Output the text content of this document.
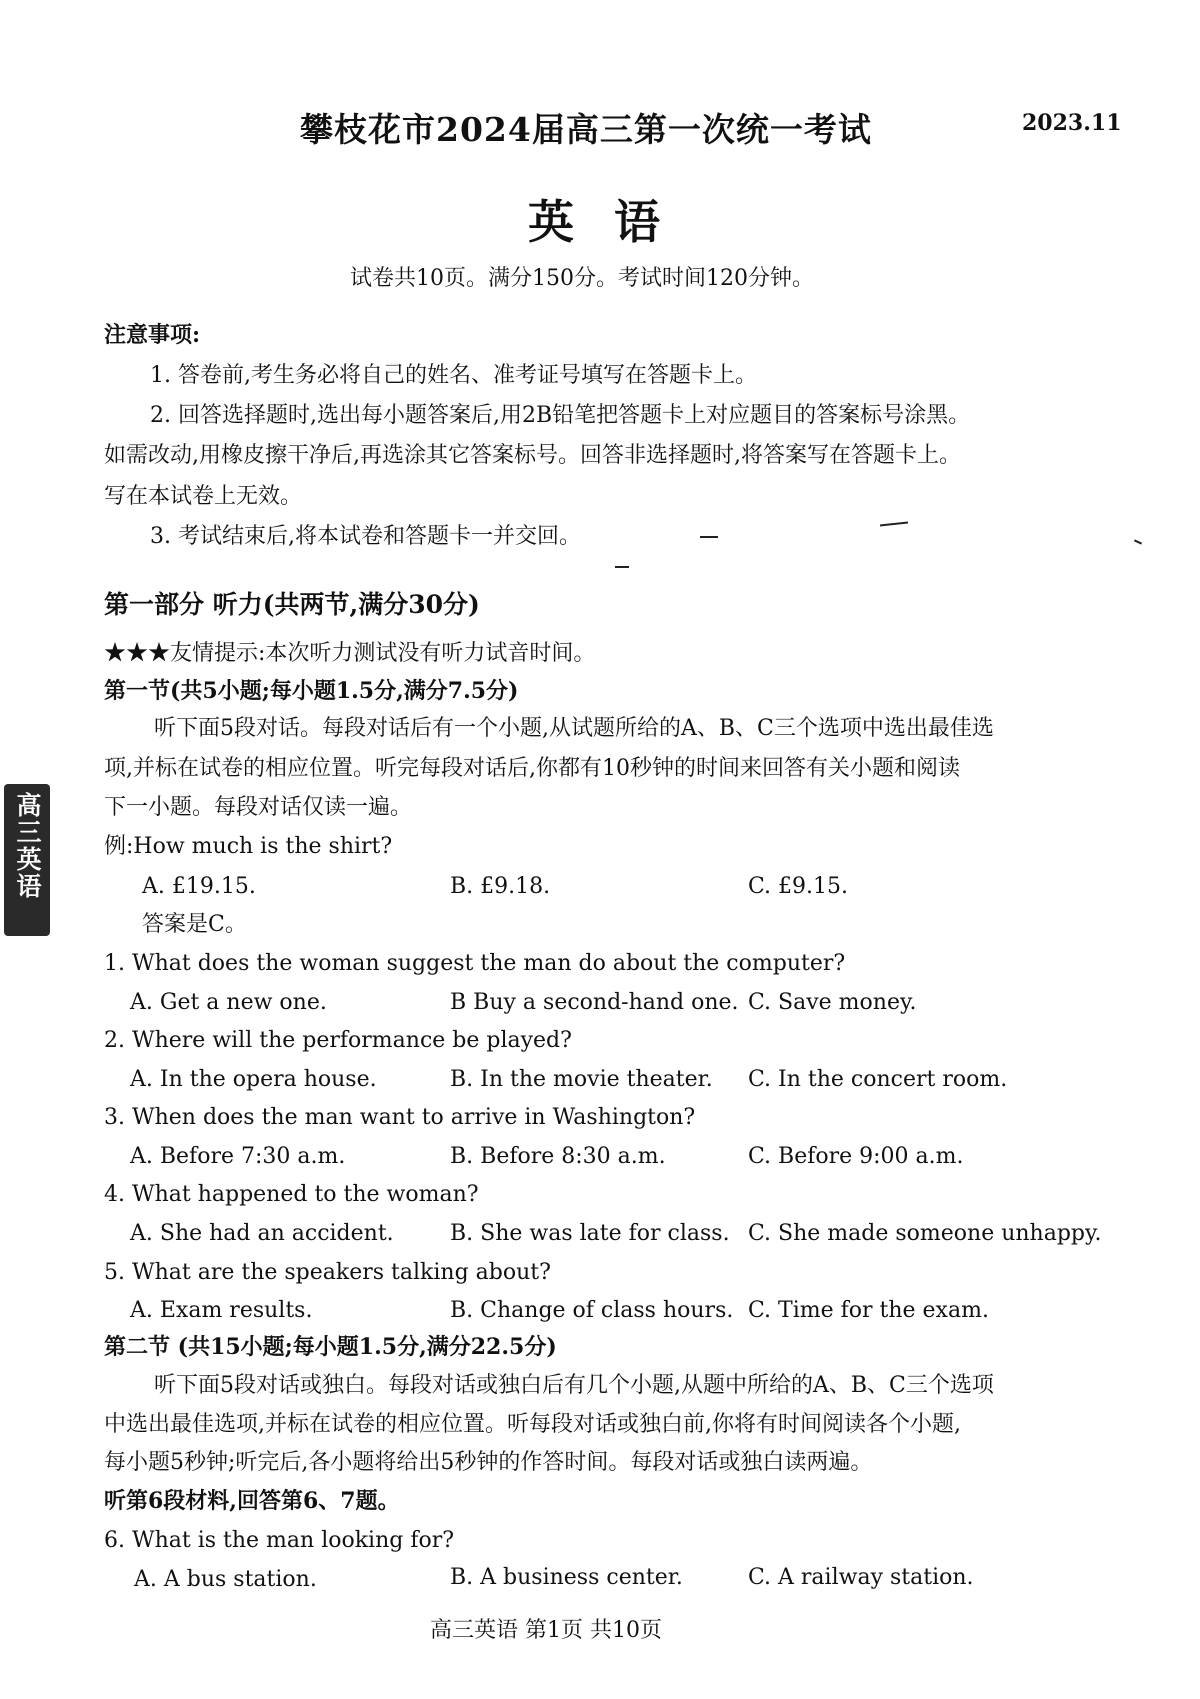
攀枝花市2024届高三第一次统一考试	2023.11
英语
试卷共10页。满分150分。考试时间120分钟。
注意事项:
1. 答卷前,考生务必将自己的姓名、准考证号填写在答题卡上。
2. 回答选择题时,选出每小题答案后,用2B铅笔把答题卡上对应题目的答案标号涂黑。
如需改动,用橡皮擦干净后,再选涂其它答案标号。回答非选择题时,将答案写在答题卡上。
写在本试卷上无效。
3. 考试结束后,将本试卷和答题卡一并交回。
第一部分 听力(共两节,满分30分)
★★★友情提示:本次听力测试没有听力试音时间。
第一节(共5小题;每小题1.5分,满分7.5分)
听下面5段对话。每段对话后有一个小题,从试题所给的A、B、C三个选项中选出最佳选
项,并标在试卷的相应位置。听完每段对话后,你都有10秒钟的时间来回答有关小题和阅读
下一小题。每段对话仅读一遍。
例:How much is the shirt?
A. £19.15.	B. £9.18.	C. £9.15.
答案是C。
1. What does the woman suggest the man do about the computer?
A. Get a new one.	B Buy a second-hand one. C. Save money.
2. Where will the performance be played?
A. In the opera house.	B. In the movie theater. C. In the concert room.
3. When does the man want to arrive in Washington?
A. Before 7:30 a.m.	B. Before 8:30 a.m.	C. Before 9:00 a.m.
4. What happened to the woman?
A. She had an accident.	B. She was late for class. C. She made someone unhappy.
5. What are the speakers talking about?
A. Exam results.	B. Change of class hours. C. Time for the exam.
第二节 (共15小题;每小题1.5分,满分22.5分)
听下面5段对话或独白。每段对话或独白后有几个小题,从题中所给的A、B、C三个选项
中选出最佳选项,并标在试卷的相应位置。听每段对话或独白前,你将有时间阅读各个小题,
每小题5秒钟;听完后,各小题将给出5秒钟的作答时间。每段对话或独白读两遍。
听第6段材料,回答第6、7题。
6. What is the man looking for?
A. A bus station.	B. A business center.	C. A railway station.
高三英语
高三英语 第1页 共10页
